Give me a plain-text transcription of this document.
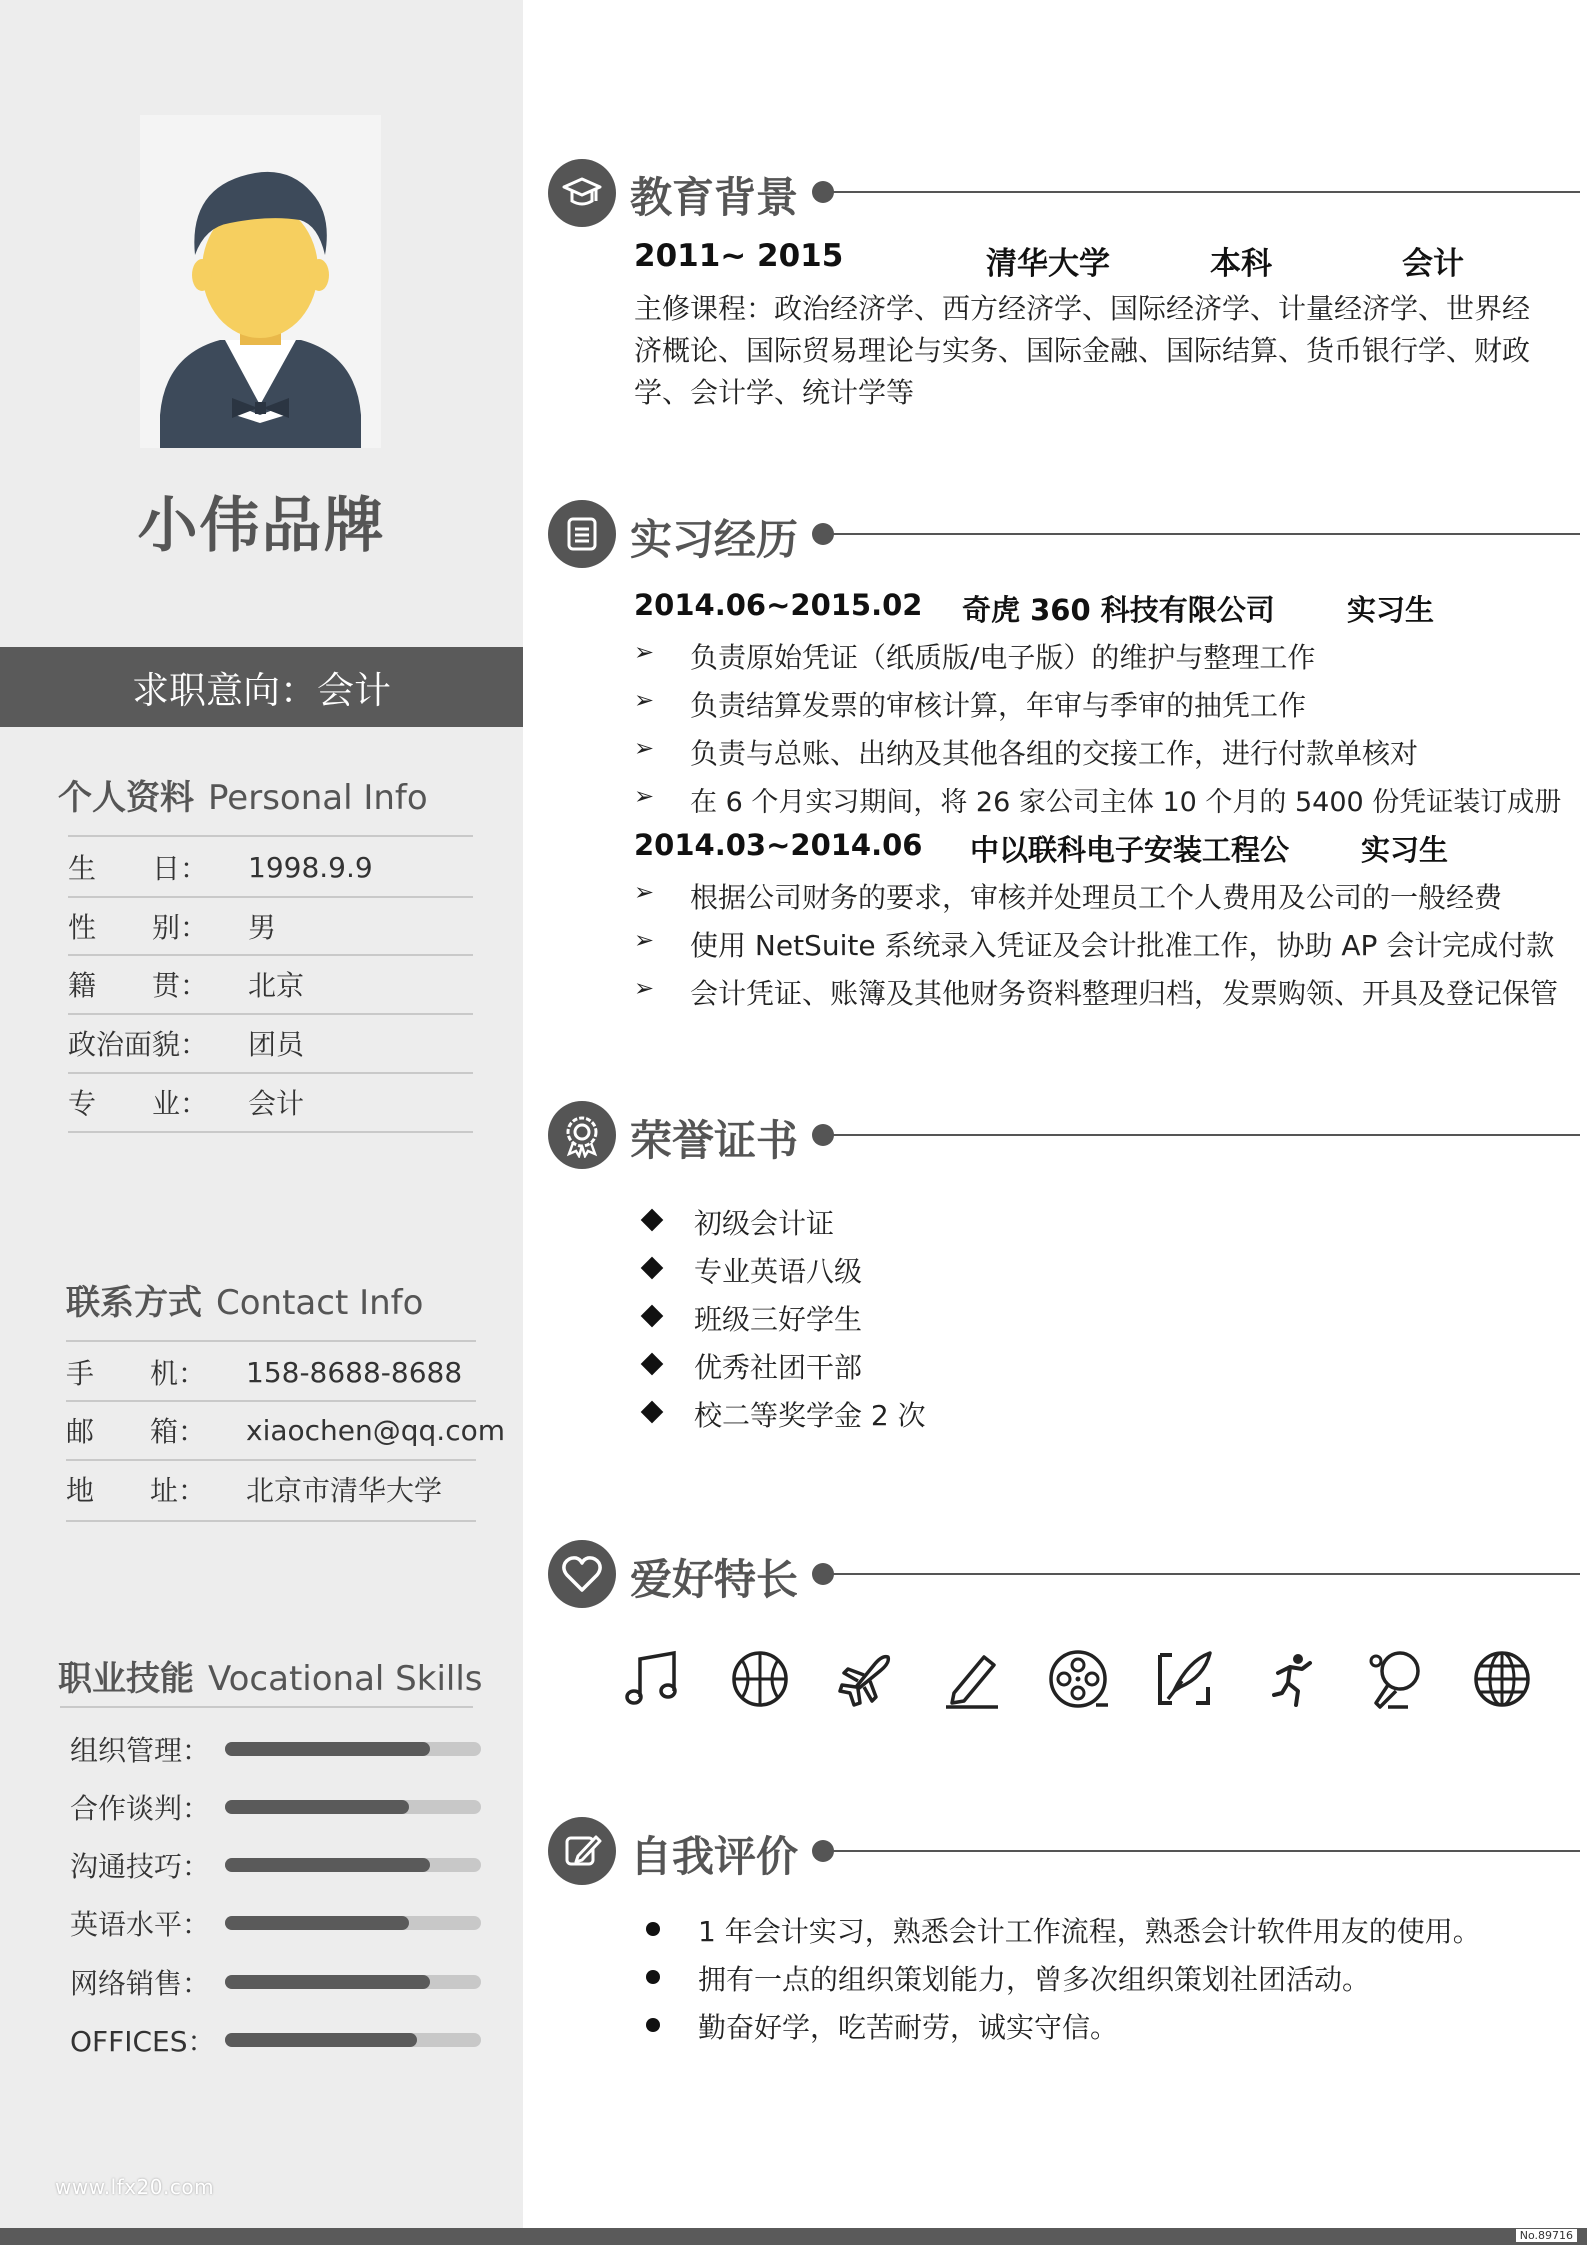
小伟品牌
求职意向：会计
个人资料 Personal Info
生　　日：	1998.9.9
性　　别：	男
籍　　贯：	北京
政治面貌：	团员
专　　业：	会计
联系方式 Contact Info
手　　机：	158-8688-8688
邮　　箱：	xiaochen@qq.com
地　　址：	北京市清华大学
职业技能 Vocational Skills
组织管理：
合作谈判：
沟通技巧：
英语水平：
网络销售：
OFFICES：
www.lfx20.com
教育背景
2011~ 2015	清华大学	本科	会计
主修课程：政治经济学、西方经济学、国际经济学、计量经济学、世界经
济概论、国际贸易理论与实务、国际金融、国际结算、货币银行学、财政
学、会计学、统计学等
实习经历
2014.06~2015.02 奇虎 360 科技有限公司 实习生
➢ 负责原始凭证（纸质版/电子版）的维护与整理工作
➢ 负责结算发票的审核计算，年审与季审的抽凭工作
➢ 负责与总账、出纳及其他各组的交接工作，进行付款单核对
➢ 在 6 个月实习期间，将 26 家公司主体 10 个月的 5400 份凭证装订成册
2014.03~2014.06 中以联科电子安装工程公 实习生
➢ 根据公司财务的要求，审核并处理员工个人费用及公司的一般经费
➢ 使用 NetSuite 系统录入凭证及会计批准工作，协助 AP 会计完成付款
➢ 会计凭证、账簿及其他财务资料整理归档，发票购领、开具及登记保管
荣誉证书
初级会计证
专业英语八级
班级三好学生
优秀社团干部
校二等奖学金 2 次
爱好特长
自我评价
1 年会计实习，熟悉会计工作流程，熟悉会计软件用友的使用。
拥有一点的组织策划能力，曾多次组织策划社团活动。
勤奋好学，吃苦耐劳，诚实守信。
No.89716
